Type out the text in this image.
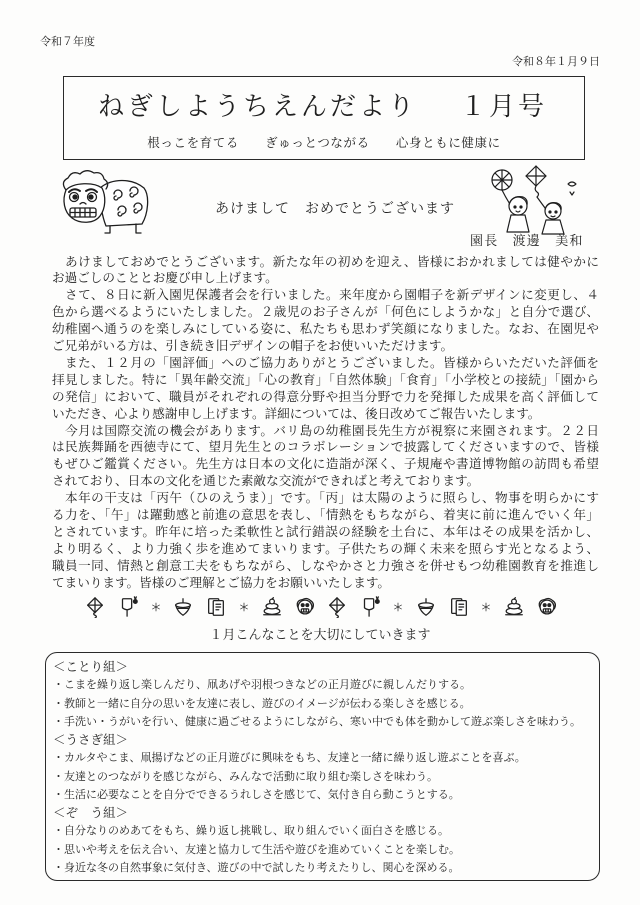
令和７年度
令和８年１月９日
ねぎしようちえんだより １月号
根っこを育てる　　ぎゅっとつながる　　心身ともに健康に
あけまして　おめでとうございます
園長　渡邊　美和
　あけましておめでとうございます。新たな年の初めを迎え、皆様におかれましては健やかに
お過ごしのこととお慶び申し上げます。
　さて、８日に新入園児保護者会を行いました。来年度から園帽子を新デザインに変更し、４
色から選べるようにいたしました。２歳児のお子さんが「何色にしようかな」と自分で選び、
幼稚園へ通うのを楽しみにしている姿に、私たちも思わず笑顔になりました。なお、在園児や
ご兄弟がいる方は、引き続き旧デザインの帽子をお使いいただけます。
　また、１２月の「園評価」へのご協力ありがとうございました。皆様からいただいた評価を
拝見しました。特に「異年齢交流」「心の教育」「自然体験」「食育」「小学校との接続」「園から
の発信」において、職員がそれぞれの得意分野や担当分野で力を発揮した成果を高く評価して
いただき、心より感謝申し上げます。詳細については、後日改めてご報告いたします。
　今月は国際交流の機会があります。バリ島の幼稚園長先生方が視察に来園されます。２２日
は民族舞踊を西徳寺にて、望月先生とのコラボレーションで披露してくださいますので、皆様
もぜひご鑑賞ください。先生方は日本の文化に造詣が深く、子規庵や書道博物館の訪問も希望
されており、日本の文化を通じた素敵な交流ができればと考えております。
　本年の干支は「丙午（ひのえうま）」です。「丙」は太陽のように照らし、物事を明らかにす
る力を、「午」は躍動感と前進の意思を表し、「情熱をもちながら、着実に前に進んでいく年」
とされています。昨年に培った柔軟性と試行錯誤の経験を土台に、本年はその成果を活かし、
より明るく、より力強く歩を進めてまいります。子供たちの輝く未来を照らす光となるよう、
職員一同、情熱と創意工夫をもちながら、しなやかさと力強さを併せもつ幼稚園教育を推進し
てまいります。皆様のご理解とご協力をお願いいたします。
１月こんなことを大切にしていきます
＜ことり組＞
・こまを繰り返し楽しんだり、凧あげや羽根つきなどの正月遊びに親しんだりする。
・教師と一緒に自分の思いを友達に表し、遊びのイメージが伝わる楽しさを感じる。
・手洗い・うがいを行い、健康に過ごせるようにしながら、寒い中でも体を動かして遊ぶ楽しさを味わう。
＜うさぎ組＞
・カルタやこま、凧揚げなどの正月遊びに興味をもち、友達と一緒に繰り返し遊ぶことを喜ぶ。
・友達とのつながりを感じながら、みんなで活動に取り組む楽しさを味わう。
・生活に必要なことを自分でできるうれしさを感じて、気付き自ら動こうとする。
＜ぞ　う組＞
・自分なりのめあてをもち、繰り返し挑戦し、取り組んでいく面白さを感じる。
・思いや考えを伝え合い、友達と協力して生活や遊びを進めていくことを楽しむ。
・身近な冬の自然事象に気付き、遊びの中で試したり考えたりし、関心を深める。
